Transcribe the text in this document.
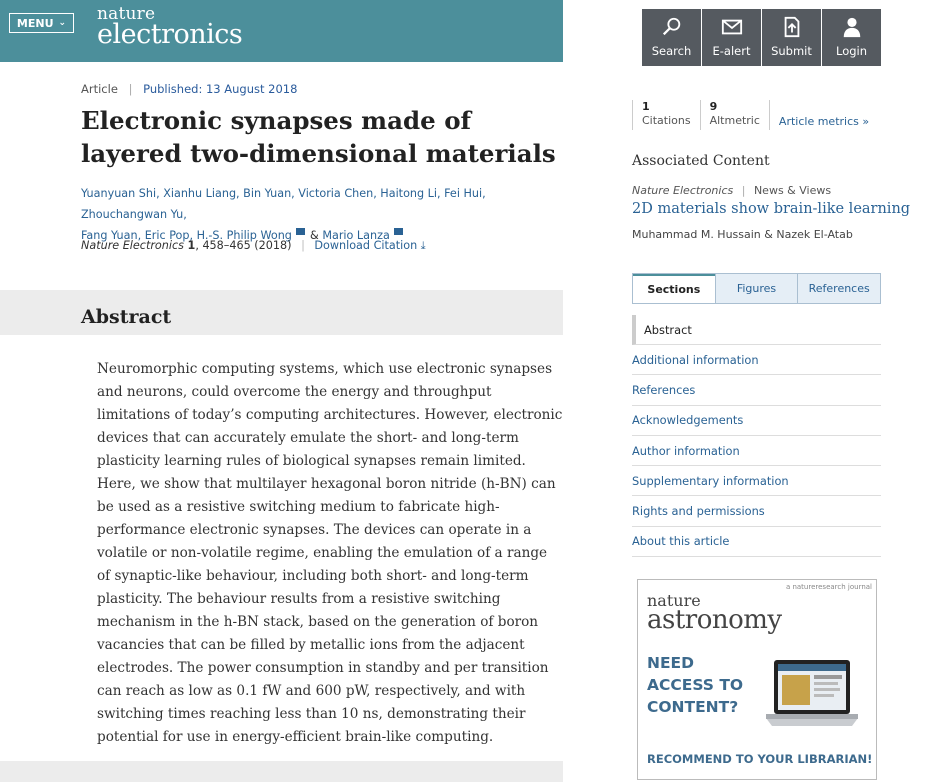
MENU ⌄ nature
electronics
Search E-alert Submit Login
Article | Published: 13 August 2018
Electronic synapses made of layered two-dimensional materials
Yuanyuan Shi, Xianhu Liang, Bin Yuan, Victoria Chen, Haitong Li, Fei Hui, Zhouchangwan Yu,
Fang Yuan, Eric Pop, H.-S. Philip Wong & Mario Lanza
Nature Electronics 1, 458–465 (2018) | Download Citation ⤓
Abstract

Neuromorphic computing systems, which use electronic synapses and neurons, could overcome the energy and throughput limitations of today’s computing architectures. However, electronic devices that can accurately emulate the short- and long-term plasticity learning rules of biological synapses remain limited. Here, we show that multilayer hexagonal boron nitride (h-BN) can be used as a resistive switching medium to fabricate high-performance electronic synapses. The devices can operate in a volatile or non-volatile regime, enabling the emulation of a range of synaptic-like behaviour, including both short- and long-term plasticity. The behaviour results from a resistive switching mechanism in the h-BN stack, based on the generation of boron vacancies that can be filled by metallic ions from the adjacent electrodes. The power consumption in standby and per transition can reach as low as 0.1 fW and 600 pW, respectively, and with switching times reaching less than 10 ns, demonstrating their potential for use in energy-efficient brain-like computing.

1
Citations
9
Altmetric	Article metrics »
Associated Content
Nature Electronics | News & Views
2D materials show brain-like learning
Muhammad M. Hussain & Nazek El-Atab
Sections	Figures	References
Abstract
Additional information
References
Acknowledgements
Author information
Supplementary information
Rights and permissions
About this article
a natureresearch journal
nature
astronomy
NEED ACCESS TO CONTENT?
RECOMMEND TO YOUR LIBRARIAN!
